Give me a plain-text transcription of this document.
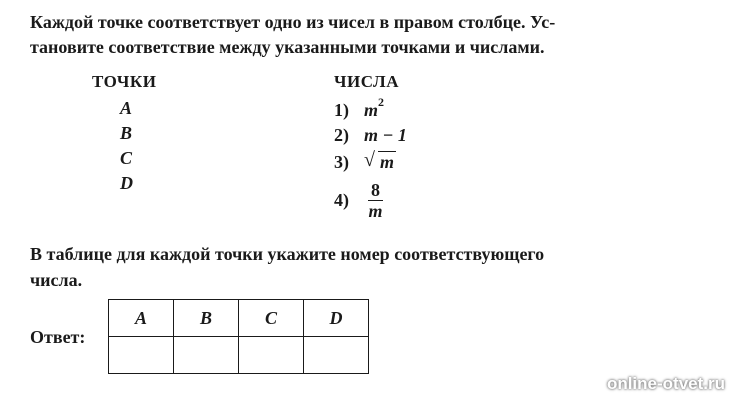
Каждой точке соответствует одно из чисел в правом столбце. Ус-
тановите соответствие между указанными точками и числами.
ТОЧКИ	ЧИСЛА
A
B
C
D
1) $m^2$
2) m − 1
3) √ m
$4) \frac{8}{m}$
В таблице для каждой точки укажите номер соответствующего
числа.
Ответ:
A	B	C	D

online-otvet.ru
